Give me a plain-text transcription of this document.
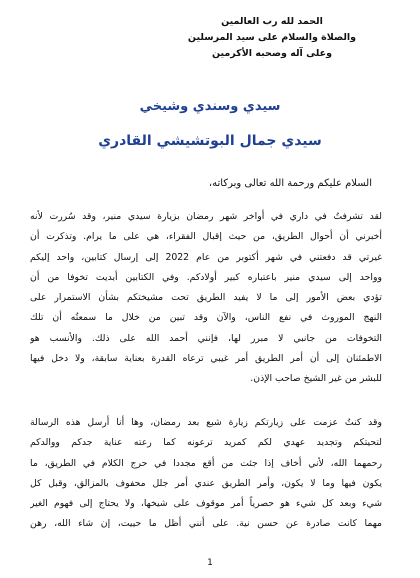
الحمد لله رب العالمين
والصلاة والسلام على سيد المرسلين
وعلى آله وصحبه الأكرمين
سيدي وسندي وشيخي
سيدي جمال البوتشيشي القادري
السلام عليكم ورحمة الله تعالى وبركاته،
لقد تشرفتُ في داري في أواخر شهر رمضان بزيارة سيدي منير، وقد سُررت لأنه
أخبرني أن أحوال الطريق، من حيث إقبال الفقراء، هي على ما يرام. وتذكرت أن
غيرتي قد دفعتني في شهر أكتوبر من عام 2022 إلى إرسال كتابين، واحد إليكم
وواحد إلى سيدي منير باعتباره كبير أولادكم. وفي الكتابين أبديت تخوفا من أن
تؤدي بعض الأمور إلى ما لا يفيد الطريق تحت مشيختكم بشأن الاستمرار على
النهج الموروث في نفع الناس، والآن وقد تبين من خلال ما سمعتُه أن تلك
التخوفات من جانبي لا مبرر لها، فإنني أحمد الله على ذلك. والأنسب هو
الاطمئنان إلى أن أمر الطريق أمر غيبي ترعاه القدرة بعناية سابقة، ولا دخل فيها
للبشر من غير الشيخ صاحب الإذن.
وقد كنتُ عزمت على زيارتكم زيارة شبع بعد رمضان، وها أنا أرسل هذه الرسالة
لتحيتكم وتجديد عهدي لكم كمريد ترعونه كما رعته عناية جدكم ووالدكم
رحمهما الله، لأني أخاف إذا جئت من أقع مجددا في حرج الكلام في الطريق، ما
يكون فيها وما لا يكون، وأمر الطريق عندي أمر جلل محفوف بالمزالق، وقبل كل
شيء وبعد كل شيء هو حصرياً أمر موقوف على شيخها، ولا يحتاج إلى فهوم الغير
مهما كانت صادرة عن حسن نية. على أنني أظل ما حييت، إن شاء الله، رهن
1
